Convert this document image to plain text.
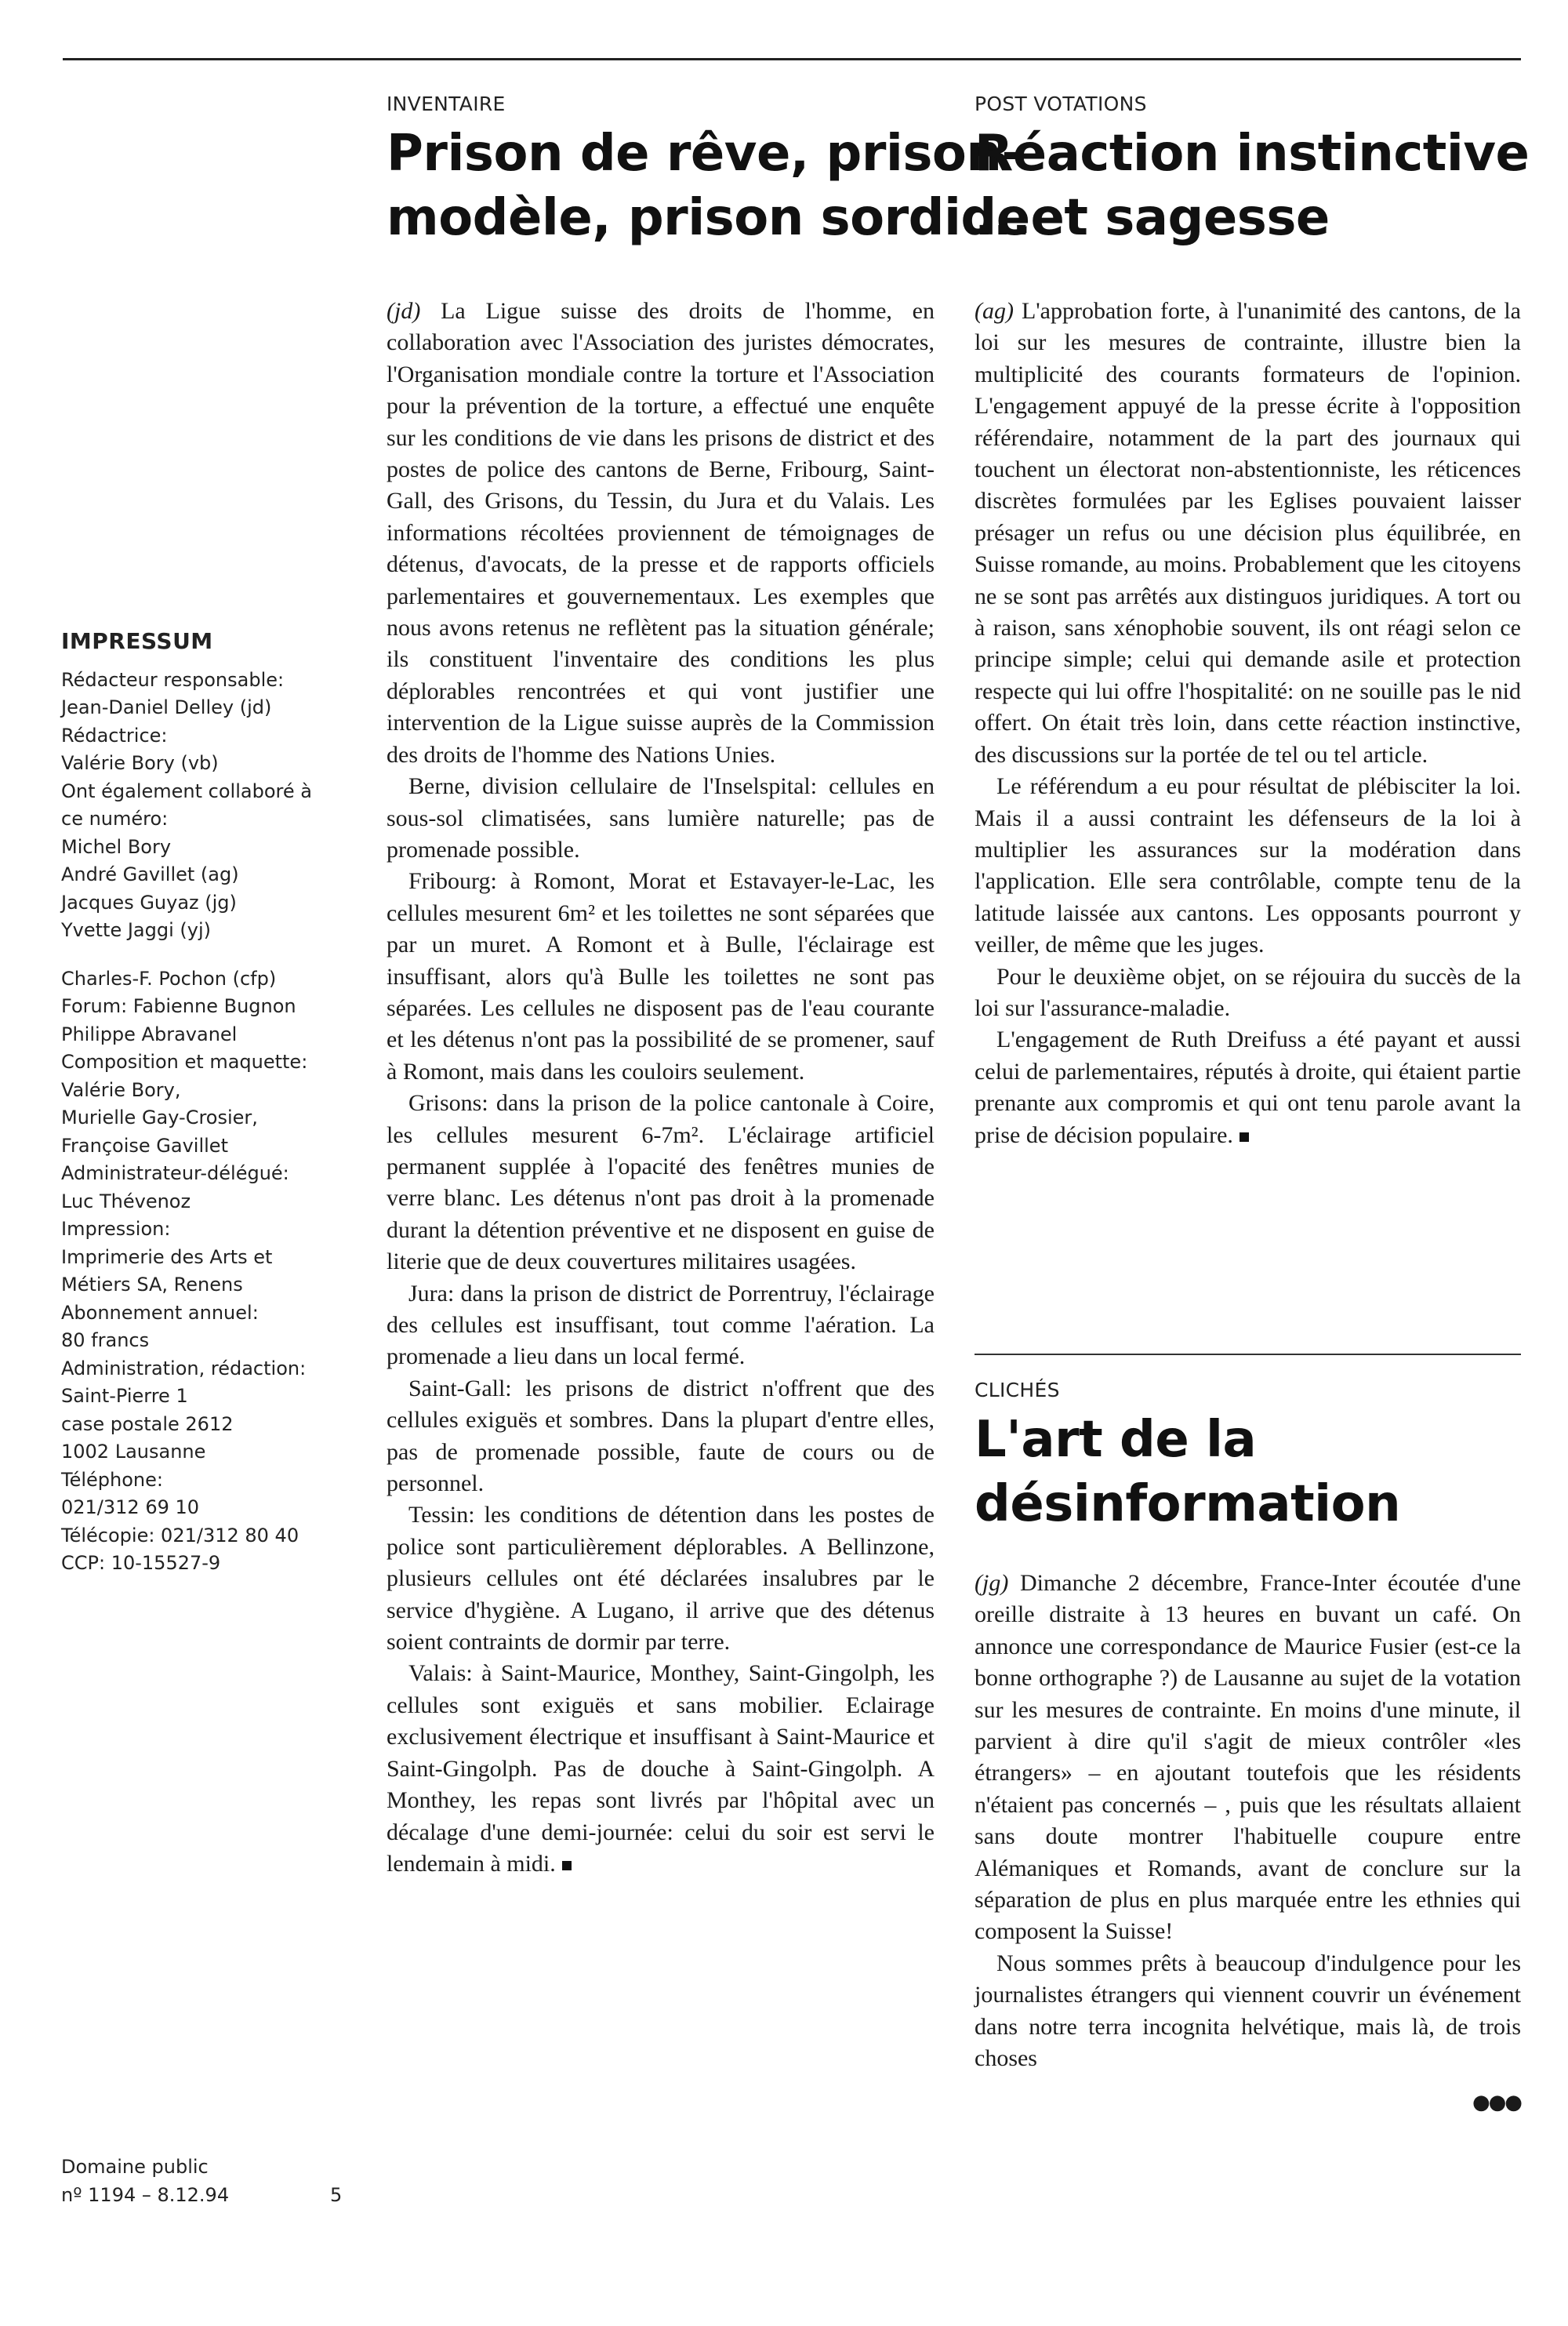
IMPRESSUM
Rédacteur responsable:
Jean-Daniel Delley (jd)
Rédactrice:
Valérie Bory (vb)
Ont également collaboré à
ce numéro:
Michel Bory
André Gavillet (ag)
Jacques Guyaz (jg)
Yvette Jaggi (yj)
Charles-F. Pochon (cfp)
Forum: Fabienne Bugnon
Philippe Abravanel
Composition et maquette:
Valérie Bory,
Murielle Gay-Crosier,
Françoise Gavillet
Administrateur-délégué:
Luc Thévenoz
Impression:
Imprimerie des Arts et
Métiers SA, Renens
Abonnement annuel:
80 francs
Administration, rédaction:
Saint-Pierre 1
case postale 2612
1002 Lausanne
Téléphone:
021/312 69 10
Télécopie: 021/312 80 40
CCP: 10-15527-9
Domaine public
nº 1194 – 8.12.94	5
INVENTAIRE
Prison de rêve, prison-
modèle, prison sordide

(jd) La Ligue suisse des droits de l'homme, en collaboration avec l'Association des juristes démocrates, l'Organisation mondiale contre la torture et l'Association pour la prévention de la torture, a effectué une enquête sur les conditions de vie dans les prisons de district et des postes de police des cantons de Berne, Fribourg, Saint-Gall, des Grisons, du Tessin, du Jura et du Valais. Les informations récoltées proviennent de témoignages de détenus, d'avocats, de la presse et de rapports officiels parlementaires et gouvernementaux. Les exemples que nous avons retenus ne reflètent pas la situation générale; ils constituent l'inventaire des conditions les plus déplorables rencontrées et qui vont justifier une intervention de la Ligue suisse auprès de la Commission des droits de l'homme des Nations Unies.

Berne, division cellulaire de l'Inselspital: cellules en sous-sol climatisées, sans lumière naturelle; pas de promenade possible.

Fribourg: à Romont, Morat et Estavayer-le-Lac, les cellules mesurent 6m² et les toilettes ne sont séparées que par un muret. A Romont et à Bulle, l'éclairage est insuffisant, alors qu'à Bulle les toilettes ne sont pas séparées. Les cellules ne disposent pas de l'eau courante et les détenus n'ont pas la possibilité de se promener, sauf à Romont, mais dans les couloirs seulement.

Grisons: dans la prison de la police cantonale à Coire, les cellules mesurent 6-7m². L'éclairage artificiel permanent supplée à l'opacité des fenêtres munies de verre blanc. Les détenus n'ont pas droit à la promenade durant la détention préventive et ne disposent en guise de literie que de deux couvertures militaires usagées.

Jura: dans la prison de district de Porrentruy, l'éclairage des cellules est insuffisant, tout comme l'aération. La promenade a lieu dans un local fermé.

Saint-Gall: les prisons de district n'offrent que des cellules exiguës et sombres. Dans la plupart d'entre elles, pas de promenade possible, faute de cours ou de personnel.

Tessin: les conditions de détention dans les postes de police sont particulièrement déplorables. A Bellinzone, plusieurs cellules ont été déclarées insalubres par le service d'hygiène. A Lugano, il arrive que des détenus soient contraints de dormir par terre.

Valais: à Saint-Maurice, Monthey, Saint-Gingolph, les cellules sont exiguës et sans mobilier. Eclairage exclusivement électrique et insuffisant à Saint-Maurice et Saint-Gingolph. Pas de douche à Saint-Gingolph. A Monthey, les repas sont livrés par l'hôpital avec un décalage d'une demi-journée: celui du soir est servi le lendemain à midi.

POST VOTATIONS
Réaction instinctive
...et sagesse

(ag) L'approbation forte, à l'unanimité des cantons, de la loi sur les mesures de contrainte, illustre bien la multiplicité des courants formateurs de l'opinion. L'engagement appuyé de la presse écrite à l'opposition référendaire, notamment de la part des journaux qui touchent un électorat non-abstentionniste, les réticences discrètes formulées par les Eglises pouvaient laisser présager un refus ou une décision plus équilibrée, en Suisse romande, au moins. Probablement que les citoyens ne se sont pas arrêtés aux distinguos juridiques. A tort ou à raison, sans xénophobie souvent, ils ont réagi selon ce principe simple; celui qui demande asile et protection respecte qui lui offre l'hospitalité: on ne souille pas le nid offert. On était très loin, dans cette réaction instinctive, des discussions sur la portée de tel ou tel article.

Le référendum a eu pour résultat de plébisciter la loi. Mais il a aussi contraint les défenseurs de la loi à multiplier les assurances sur la modération dans l'application. Elle sera contrôlable, compte tenu de la latitude laissée aux cantons. Les opposants pourront y veiller, de même que les juges.

Pour le deuxième objet, on se réjouira du succès de la loi sur l'assurance-maladie.

L'engagement de Ruth Dreifuss a été payant et aussi celui de parlementaires, réputés à droite, qui étaient partie prenante aux compromis et qui ont tenu parole avant la prise de décision populaire.

CLICHÉS
L'art de la
désinformation

(jg) Dimanche 2 décembre, France-Inter écoutée d'une oreille distraite à 13 heures en buvant un café. On annonce une correspondance de Maurice Fusier (est-ce la bonne orthographe ?) de Lausanne au sujet de la votation sur les mesures de contrainte. En moins d'une minute, il parvient à dire qu'il s'agit de mieux contrôler «les étrangers» – en ajoutant toutefois que les résidents n'étaient pas concernés – , puis que les résultats allaient sans doute montrer l'habituelle coupure entre Alémaniques et Romands, avant de conclure sur la séparation de plus en plus marquée entre les ethnies qui composent la Suisse!

Nous sommes prêts à beaucoup d'indulgence pour les journalistes étrangers qui viennent couvrir un événement dans notre terra incognita helvétique, mais là, de trois choses

●●●
